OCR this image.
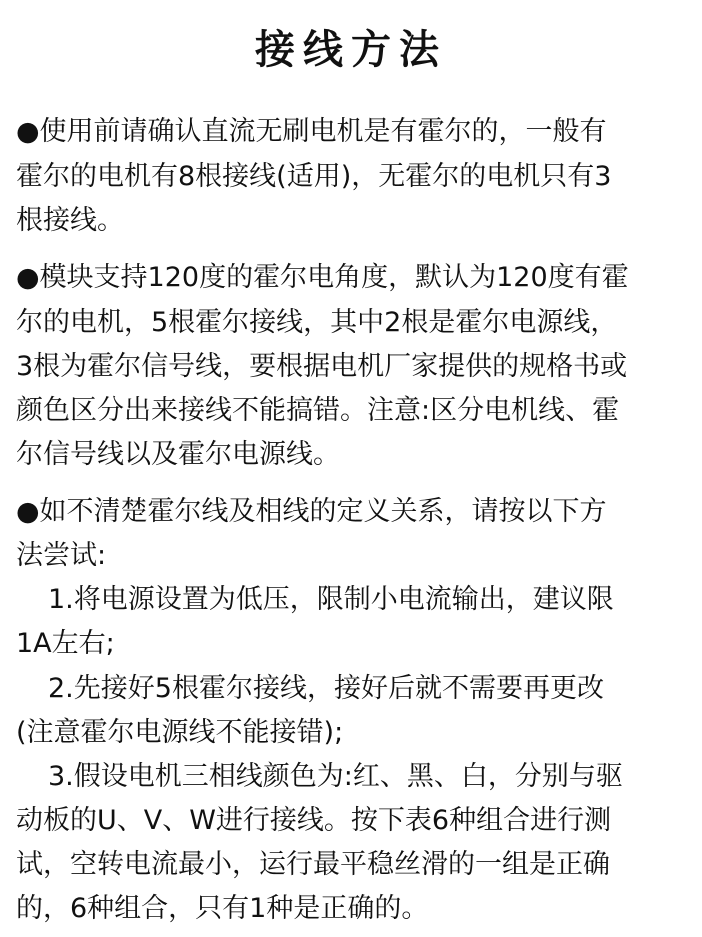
接线方法
●使用前请确认直流无刷电机是有霍尔的，一般有
霍尔的电机有8根接线(适用)，无霍尔的电机只有3
根接线。
●模块支持120度的霍尔电角度，默认为120度有霍
尔的电机，5根霍尔接线，其中2根是霍尔电源线，
3根为霍尔信号线，要根据电机厂家提供的规格书或
颜色区分出来接线不能搞错。注意:区分电机线、霍
尔信号线以及霍尔电源线。
●如不清楚霍尔线及相线的定义关系，请按以下方
法尝试:
1.将电源设置为低压，限制小电流输出，建议限
1A左右;
2.先接好5根霍尔接线，接好后就不需要再更改
(注意霍尔电源线不能接错);
3.假设电机三相线颜色为:红、黑、白，分别与驱
动板的U、V、W进行接线。按下表6种组合进行测
试，空转电流最小，运行最平稳丝滑的一组是正确
的，6种组合，只有1种是正确的。
